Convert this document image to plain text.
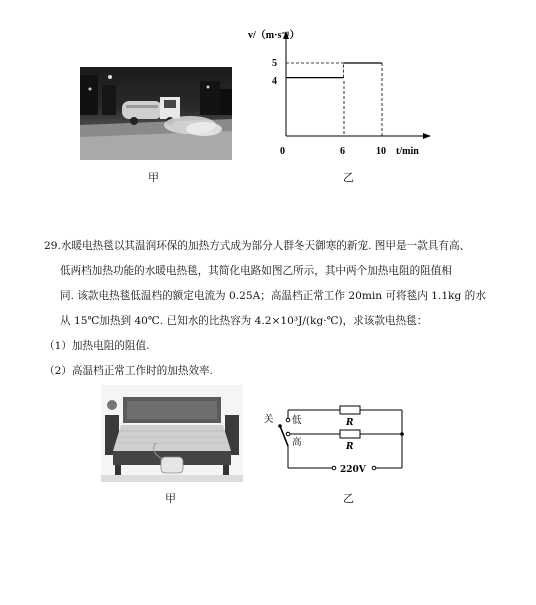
甲
v/（m·s⁻¹）
t/min
0	6	10
4
5
乙
29.水暖电热毯以其温润环保的加热方式成为部分人群冬天御寒的新宠. 图甲是一款具有高、
低两档加热功能的水暖电热毯，其简化电路如图乙所示，其中两个加热电阻的阻值相
同. 该款电热毯低温档的额定电流为 0.25A；高温档正常工作 20min 可将毯内 1.1kg 的水
从 15℃加热到 40℃. 已知水的比热容为 4.2×10³J/(kg·℃)，求该款电热毯：
（1）加热电阻的阻值.
（2）高温档正常工作时的加热效率.
甲
关 低
高
R
R
220V
乙
